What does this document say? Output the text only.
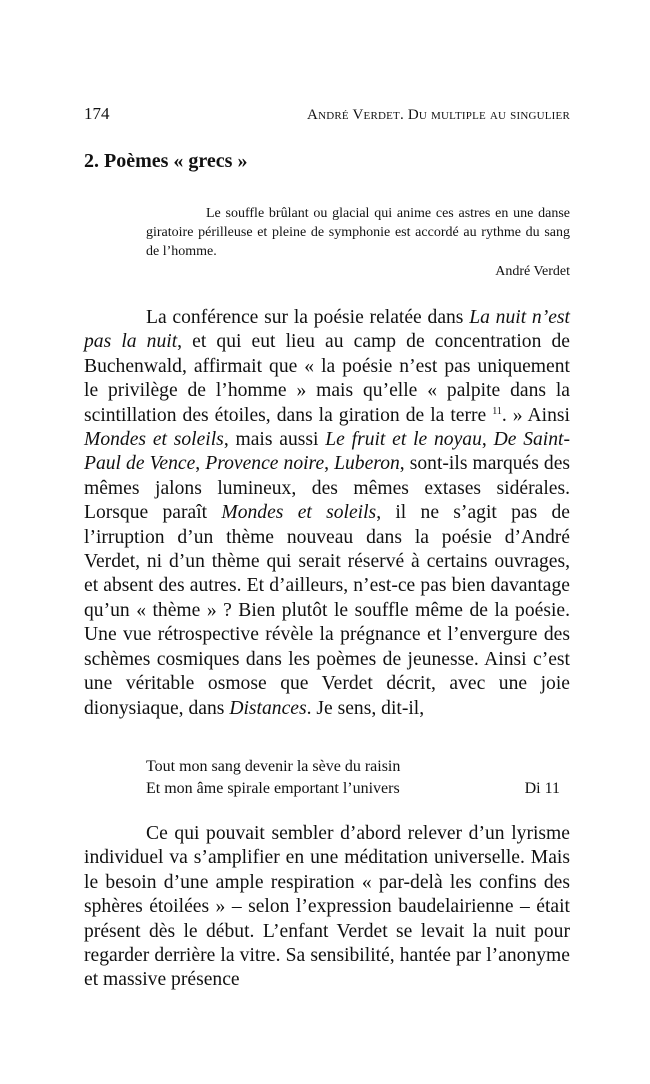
174	André Verdet. Du multiple au singulier
2. Poèmes « grecs »

Le souffle brûlant ou glacial qui anime ces astres en une danse giratoire périlleuse et pleine de symphonie est accordé au rythme du sang de l’homme.

André Verdet

La conférence sur la poésie relatée dans La nuit n’est pas la nuit, et qui eut lieu au camp de concentration de Buchenwald, affirmait que « la poésie n’est pas uniquement le privilège de l’homme » mais qu’elle « palpite dans la scintillation des étoiles, dans la giration de la terre $^{11}$. » Ainsi Mondes et soleils, mais aussi Le fruit et le noyau, De Saint-Paul de Vence, Provence noire, Luberon, sont-ils marqués des mêmes jalons lumineux, des mêmes extases sidérales. Lorsque paraît Mondes et soleils, il ne s’agit pas de l’irruption d’un thème nouveau dans la poésie d’André Verdet, ni d’un thème qui serait réservé à certains ouvrages, et absent des autres. Et d’ailleurs, n’est-ce pas bien davantage qu’un « thème » ? Bien plutôt le souffle même de la poésie. Une vue rétrospective révèle la prégnance et l’envergure des schèmes cosmiques dans les poèmes de jeunesse. Ainsi c’est une véritable osmose que Verdet décrit, avec une joie dionysiaque, dans Distances. Je sens, dit-il,

Tout mon sang devenir la sève du raisin
Et mon âme spirale emportant l’univers	Di 11

Ce qui pouvait sembler d’abord relever d’un lyrisme individuel va s’amplifier en une méditation universelle. Mais le besoin d’une ample respiration « par-delà les confins des sphères étoilées » – selon l’expression baudelairienne – était présent dès le début. L’enfant Verdet se levait la nuit pour regarder derrière la vitre. Sa sensibilité, hantée par l’anonyme et massive présence
